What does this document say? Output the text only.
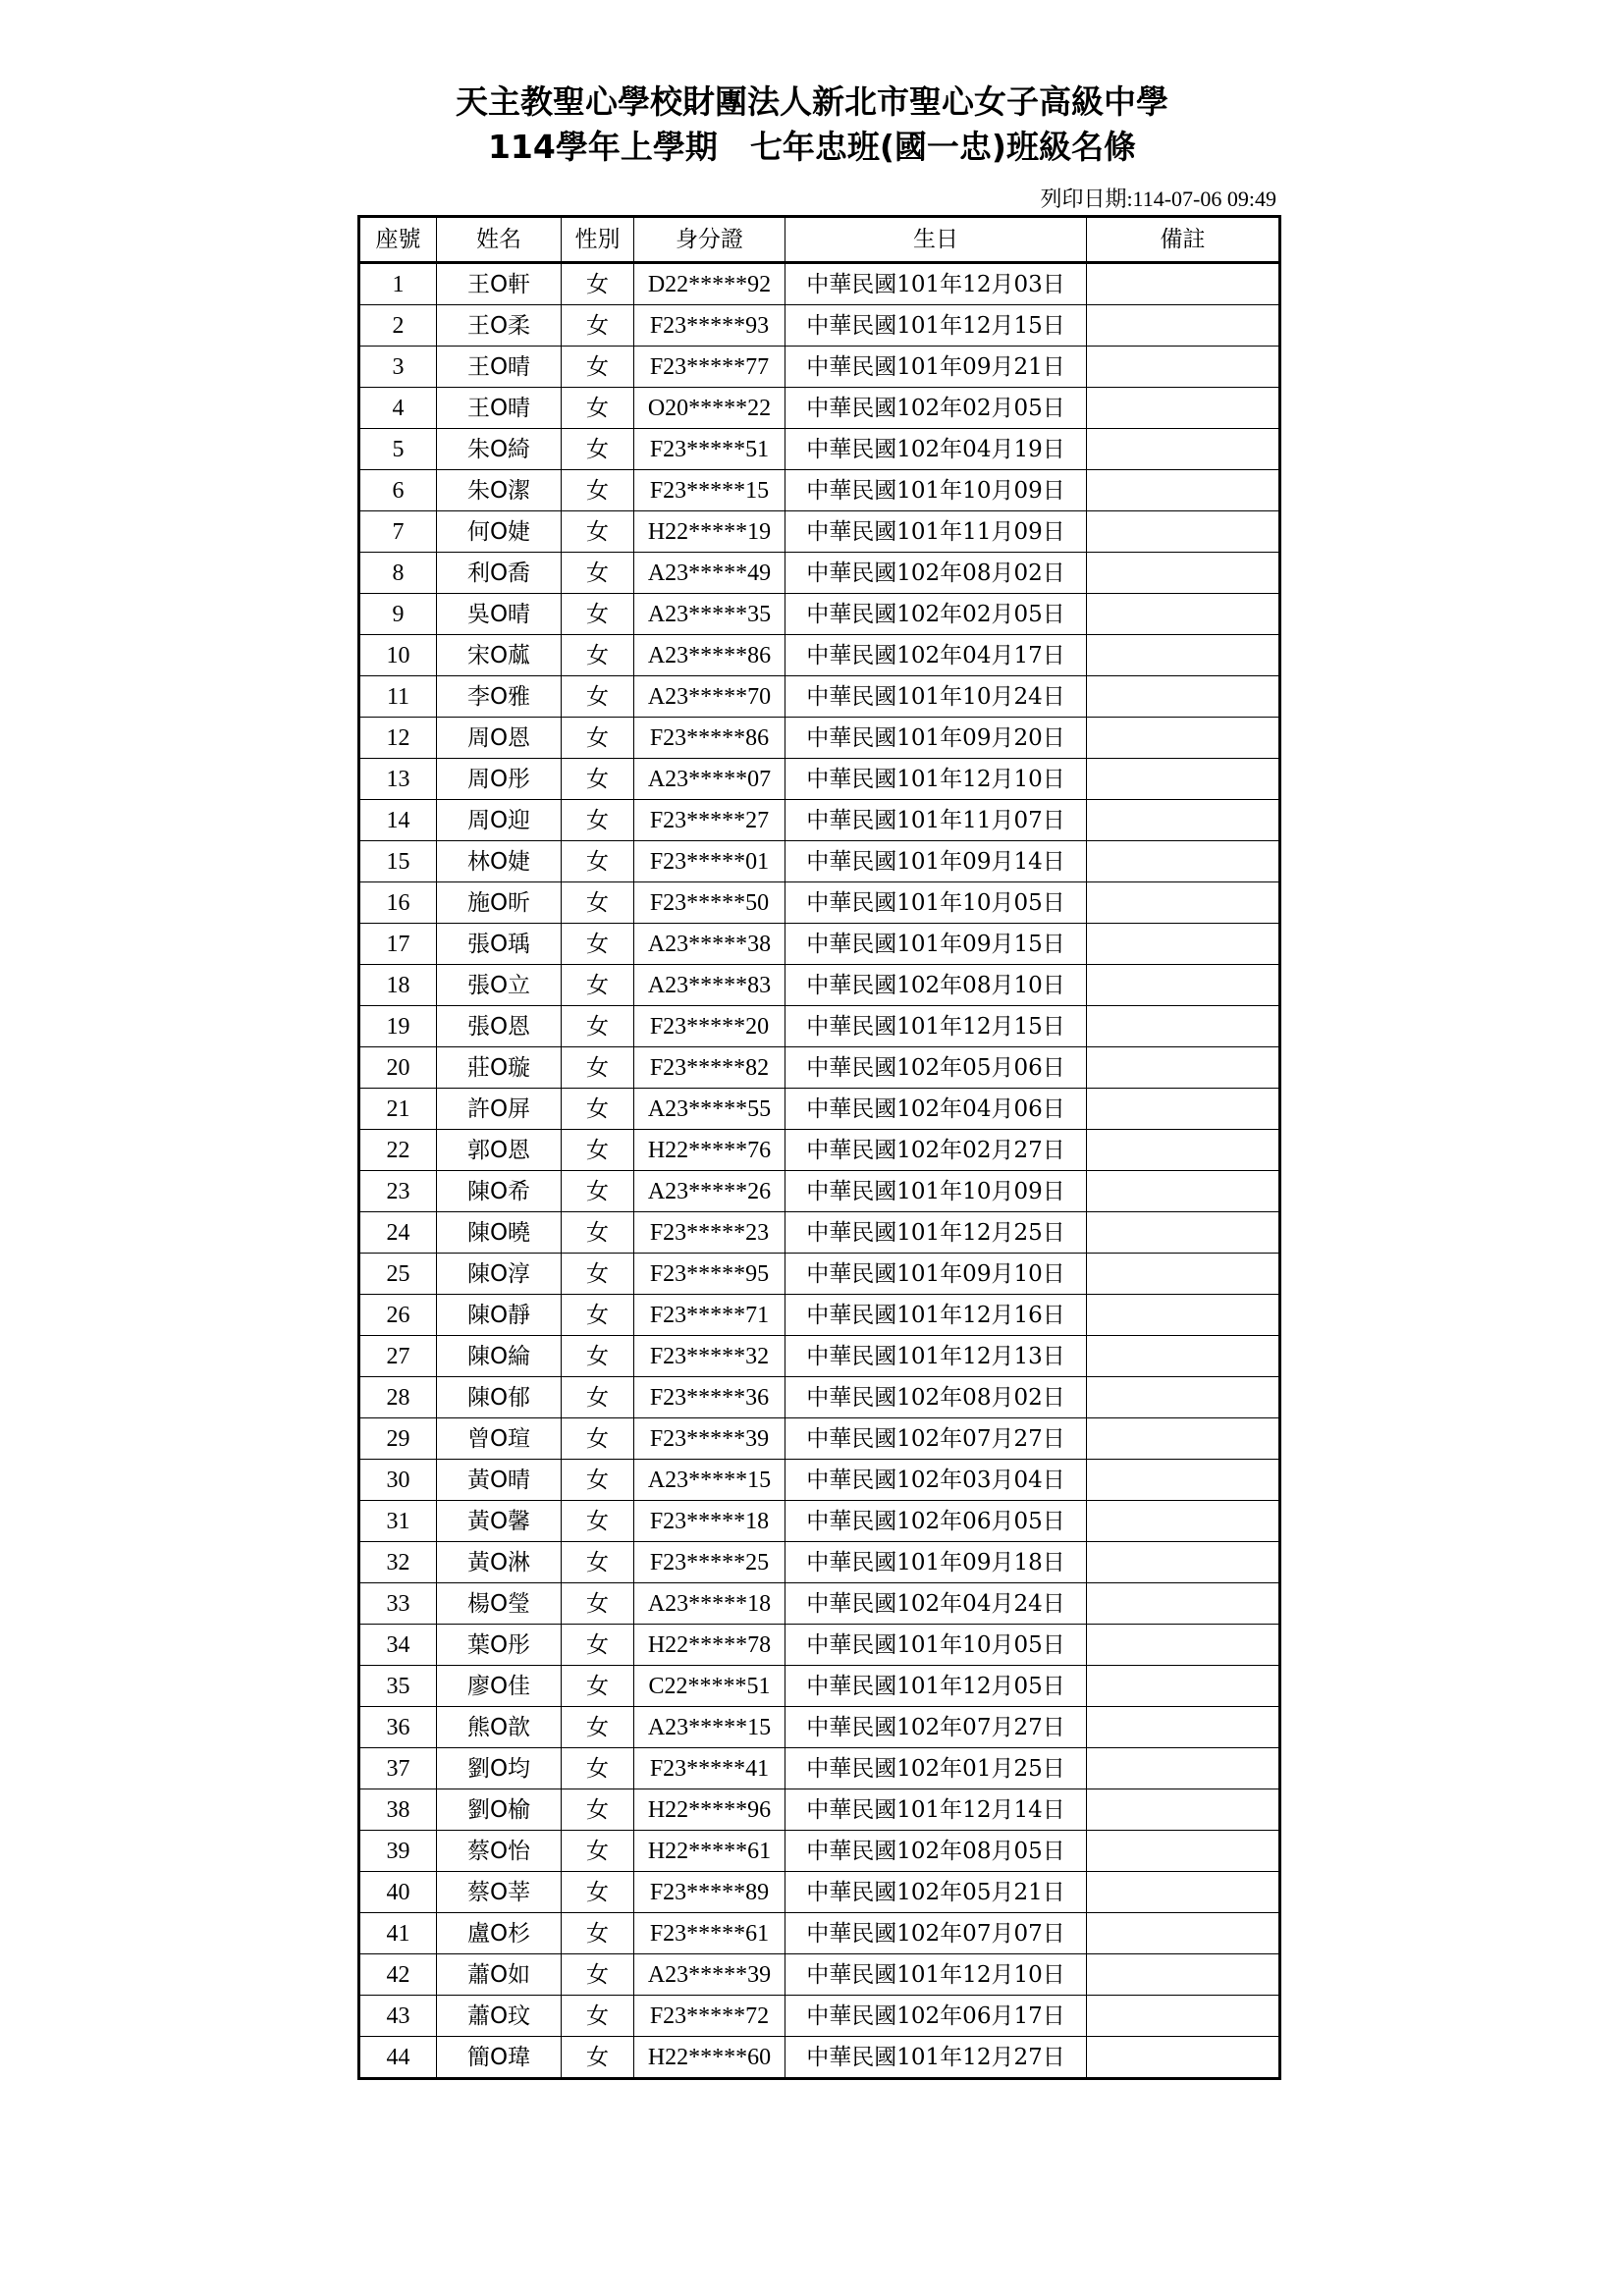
天主教聖心學校財團法人新北市聖心女子高級中學
114學年上學期　七年忠班(國一忠)班級名條
列印日期:114-07-06 09:49
座號	姓名	性別	身分證	生日	備註
1	王O軒	女	D22*****92	中華民國101年12月03日	
2	王O柔	女	F23*****93	中華民國101年12月15日	
3	王O晴	女	F23*****77	中華民國101年09月21日	
4	王O晴	女	O20*****22	中華民國102年02月05日	
5	朱O綺	女	F23*****51	中華民國102年04月19日	
6	朱O潔	女	F23*****15	中華民國101年10月09日	
7	何O婕	女	H22*****19	中華民國101年11月09日	
8	利O喬	女	A23*****49	中華民國102年08月02日	
9	吳O晴	女	A23*****35	中華民國102年02月05日	
10	宋O蓏	女	A23*****86	中華民國102年04月17日	
11	李O雅	女	A23*****70	中華民國101年10月24日	
12	周O恩	女	F23*****86	中華民國101年09月20日	
13	周O彤	女	A23*****07	中華民國101年12月10日	
14	周O迎	女	F23*****27	中華民國101年11月07日	
15	林O婕	女	F23*****01	中華民國101年09月14日	
16	施O昕	女	F23*****50	中華民國101年10月05日	
17	張O瑀	女	A23*****38	中華民國101年09月15日	
18	張O立	女	A23*****83	中華民國102年08月10日	
19	張O恩	女	F23*****20	中華民國101年12月15日	
20	莊O璇	女	F23*****82	中華民國102年05月06日	
21	許O屏	女	A23*****55	中華民國102年04月06日	
22	郭O恩	女	H22*****76	中華民國102年02月27日	
23	陳O希	女	A23*****26	中華民國101年10月09日	
24	陳O曉	女	F23*****23	中華民國101年12月25日	
25	陳O淳	女	F23*****95	中華民國101年09月10日	
26	陳O靜	女	F23*****71	中華民國101年12月16日	
27	陳O綸	女	F23*****32	中華民國101年12月13日	
28	陳O郁	女	F23*****36	中華民國102年08月02日	
29	曾O瑄	女	F23*****39	中華民國102年07月27日	
30	黃O晴	女	A23*****15	中華民國102年03月04日	
31	黃O馨	女	F23*****18	中華民國102年06月05日	
32	黃O淋	女	F23*****25	中華民國101年09月18日	
33	楊O瑩	女	A23*****18	中華民國102年04月24日	
34	葉O彤	女	H22*****78	中華民國101年10月05日	
35	廖O佳	女	C22*****51	中華民國101年12月05日	
36	熊O歆	女	A23*****15	中華民國102年07月27日	
37	劉O均	女	F23*****41	中華民國102年01月25日	
38	劉O榆	女	H22*****96	中華民國101年12月14日	
39	蔡O怡	女	H22*****61	中華民國102年08月05日	
40	蔡O莘	女	F23*****89	中華民國102年05月21日	
41	盧O杉	女	F23*****61	中華民國102年07月07日	
42	蕭O如	女	A23*****39	中華民國101年12月10日	
43	蕭O玟	女	F23*****72	中華民國102年06月17日	
44	簡O瑋	女	H22*****60	中華民國101年12月27日	
